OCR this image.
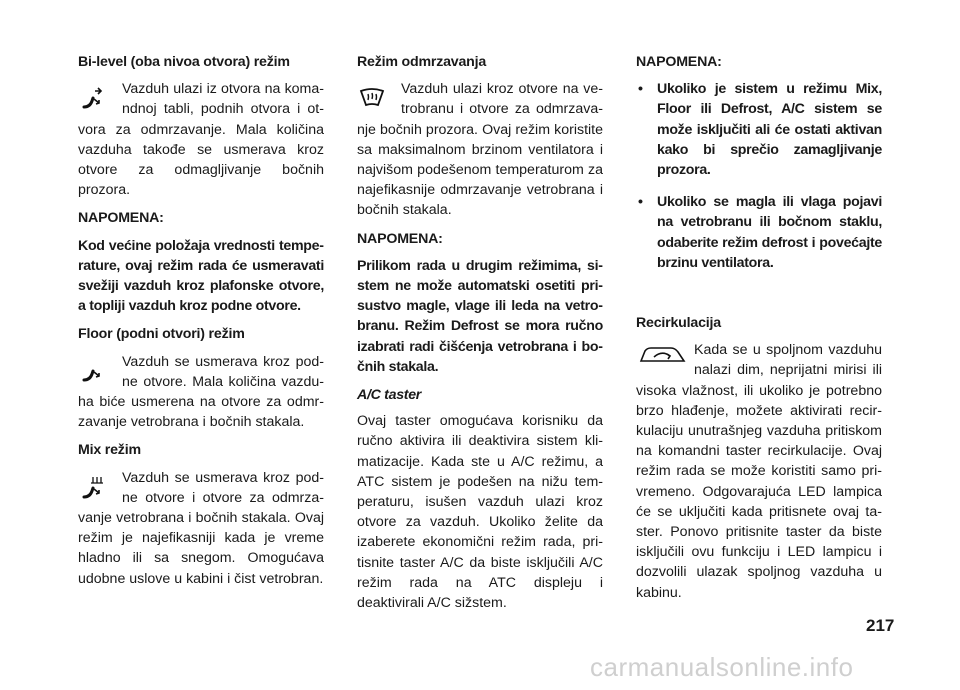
Bi-level (oba nivoa otvora) režim
Vazduh ulazi iz otvora na komandnoj tabli, podnih otvora i otvora za odmrzavanje. Mala količina vazduha takođe se usmerava kroz otvore za odmagljivanje bočnih prozora.
NAPOMENA:
Kod većine položaja vrednosti temperature, ovaj režim rada će usmeravati svežiji vazduh kroz plafonske otvore, a topliji vazduh kroz podne otvore.
Floor (podni otvori) režim
Vazduh se usmerava kroz podne otvore. Mala količina vazduha biće usmerena na otvore za odmrzavanje vetrobrana i bočnih stakala.
Mix režim
Vazduh se usmerava kroz podne otvore i otvore za odmrzavanje vetrobrana i bočnih stakala. Ovaj režim je najefikasniji kada je vreme hladno ili sa snegom. Omogućava udobne uslove u kabini i čist vetrobran.
Režim odmrzavanja
Vazduh ulazi kroz otvore na vetrobranu i otvore za odmrzavanje bočnih prozora. Ovaj režim koristite sa maksimalnom brzinom ventilatora i najvišom podešenom temperaturom za najefikasnije odmrzavanje vetrobrana i bočnih stakala.
NAPOMENA:
Prilikom rada u drugim režimima, sistem ne može automatski osetiti prisustvo magle, vlage ili leda na vetrobranu. Režim Defrost se mora ručno izabrati radi čišćenja vetrobrana i bočnih stakala.
A/C taster
Ovaj taster omogućava korisniku da ručno aktivira ili deaktivira sistem klimatizacije. Kada ste u A/C režimu, a ATC sistem je podešen na nižu temperaturu, isušen vazduh ulazi kroz otvore za vazduh. Ukoliko želite da izaberete ekonomični režim rada, pritisnite taster A/C da biste isključili A/C režim rada na ATC displeju i deaktivirali A/C sižstem.
NAPOMENA:
• Ukoliko je sistem u režimu Mix, Floor ili Defrost, A/C sistem se može isključiti ali će ostati aktivan kako bi sprečio zamagljivanje prozora.
• Ukoliko se magla ili vlaga pojavi na vetrobranu ili bočnom staklu, odaberite režim defrost i povećajte brzinu ventilatora.
Recirkulacija
Kada se u spoljnom vazduhu nalazi dim, neprijatni mirisi ili visoka vlažnost, ili ukoliko je potrebno brzo hlađenje, možete aktivirati recirkulaciju unutrašnjeg vazduha pritiskom na komandni taster recirkulacije. Ovaj režim rada se može koristiti samo privremeno. Odgovarajuća LED lampica će se uključiti kada pritisnete ovaj taster. Ponovo pritisnite taster da biste isključili ovu funkciju i LED lampicu i dozvolili ulazak spoljnog vazduha u kabinu.
217
carmanualsonline.info
